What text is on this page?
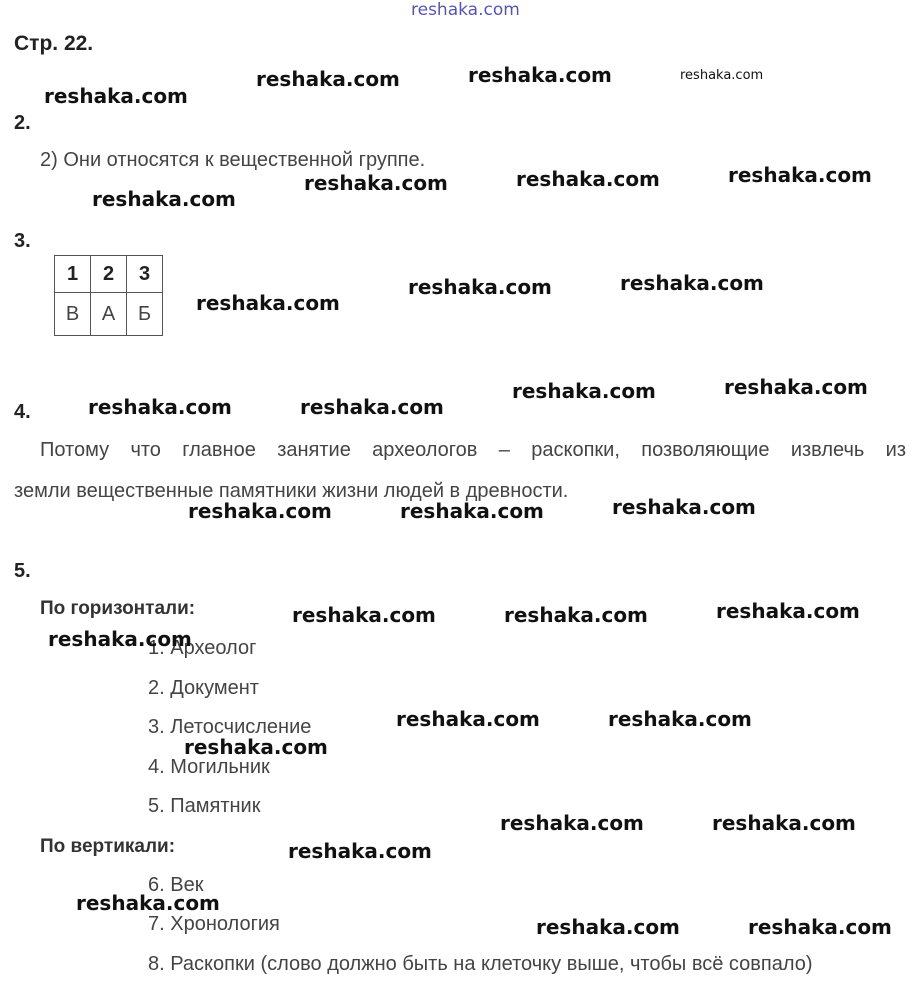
reshaka.com
Стр. 22.
2.
2) Они относятся к вещественной группе.
3.
1	2	3
В	А	Б
4.
Потому что главное занятие археологов – раскопки, позволяющие извлечь из
земли вещественные памятники жизни людей в древности.
5.
По горизонтали:
1. Археолог
2. Документ
3. Летосчисление
4. Могильник
5. Памятник
По вертикали:
6. Век
7. Хронология
8. Раскопки (слово должно быть на клеточку выше, чтобы всё совпало)
reshaka.com	reshaka.com	reshaka.com
reshaka.com
reshaka.com	reshaka.com	reshaka.com
reshaka.com
reshaka.com
reshaka.com	reshaka.com
reshaka.com	reshaka.com
reshaka.com	reshaka.com
reshaka.com	reshaka.com	reshaka.com
reshaka.com	reshaka.com	reshaka.com
reshaka.com
reshaka.com	reshaka.com
reshaka.com
reshaka.com	reshaka.com
reshaka.com
reshaka.com
reshaka.com	reshaka.com
